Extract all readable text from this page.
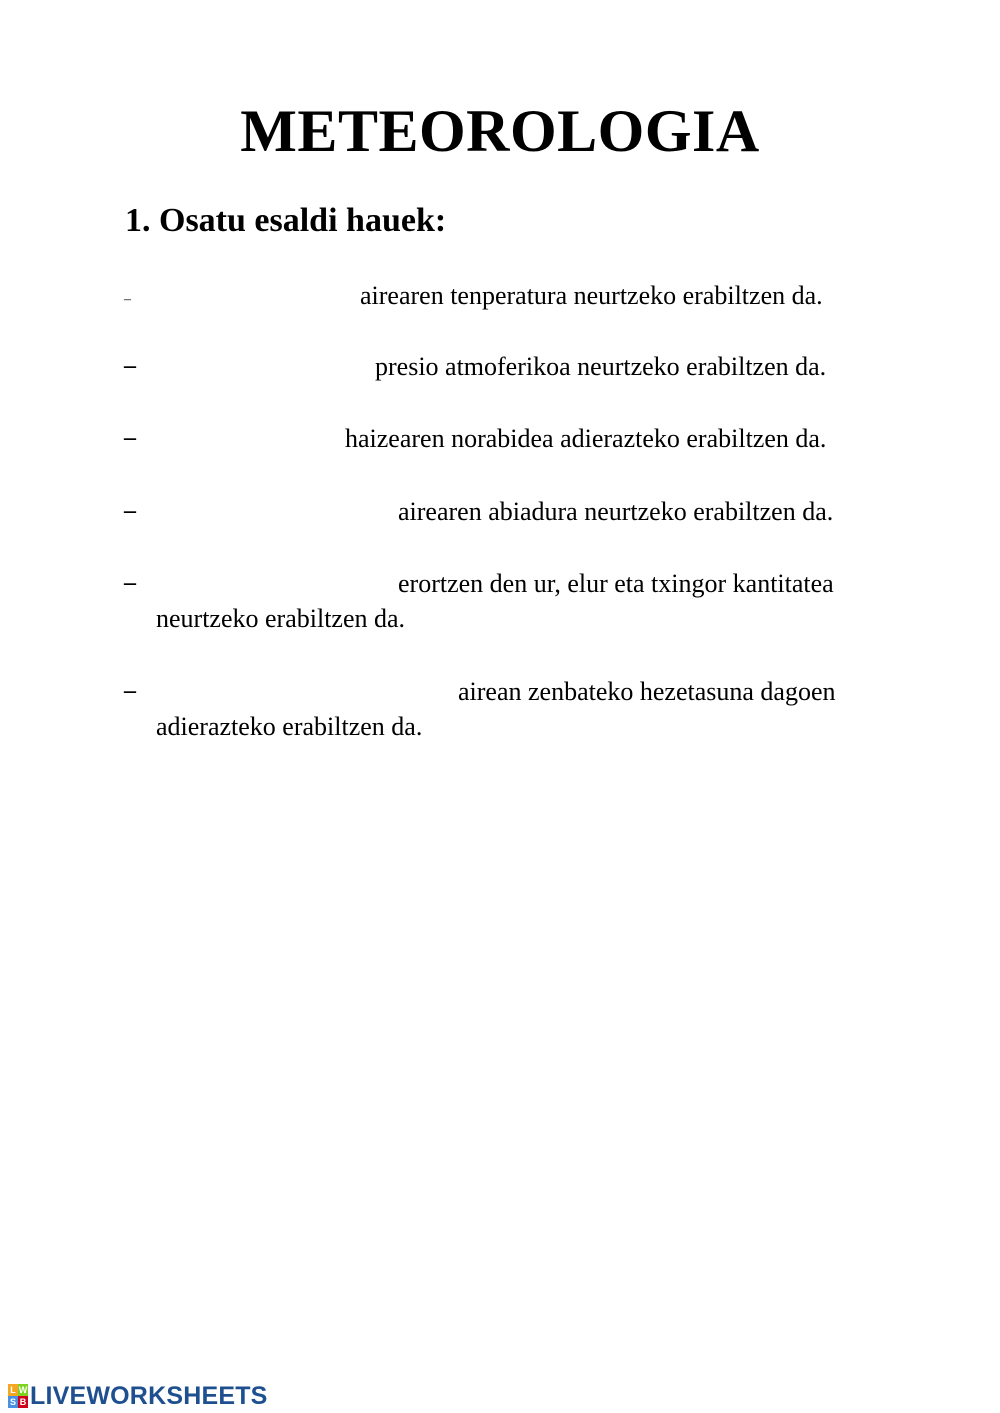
METEOROLOGIA
1. Osatu esaldi hauek:
–	airearen tenperatura neurtzeko erabiltzen da.
–	presio atmoferikoa neurtzeko erabiltzen da.
–	haizearen norabidea adierazteko erabiltzen da.
–	airearen abiadura neurtzeko erabiltzen da.
–	erortzen den ur, elur eta txingor kantitatea
neurtzeko erabiltzen da.
–	airean zenbateko hezetasuna dagoen
adierazteko erabiltzen da.
L W
S B LIVEWORKSHEETS
